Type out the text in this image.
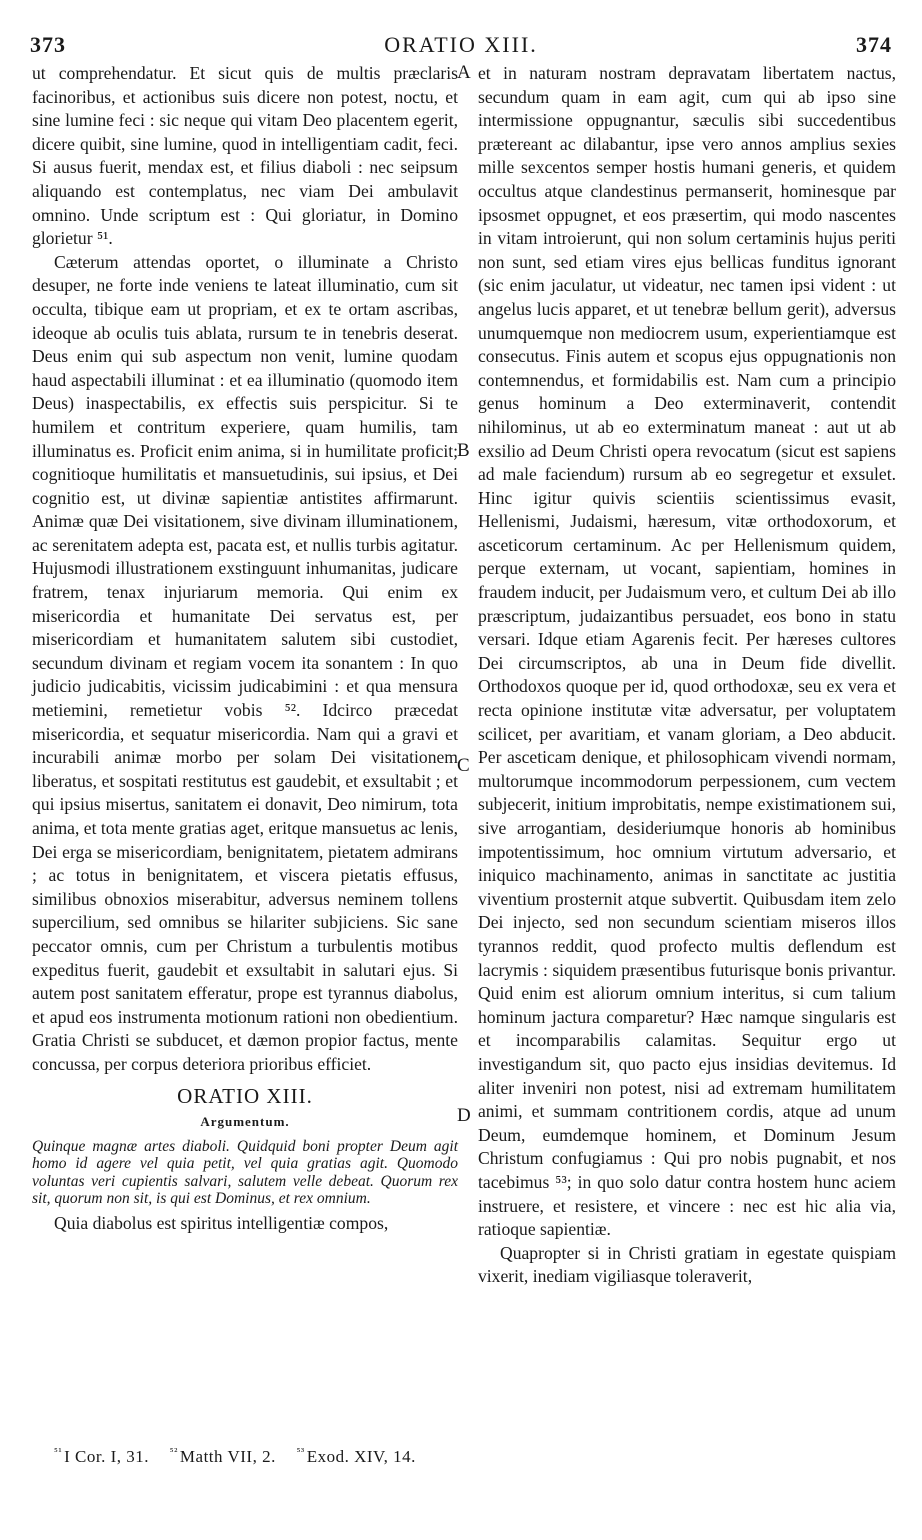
373	ORATIO XIII.	374
A
B
C
D

ut comprehendatur. Et sicut quis de multis præclaris facinoribus, et actionibus suis dicere non potest, noctu, et sine lumine feci : sic neque qui vitam Deo placentem egerit, dicere quibit, sine lumine, quod in intelligentiam cadit, feci. Si ausus fuerit, mendax est, et filius diaboli : nec seipsum aliquando est contemplatus, nec viam Dei ambulavit omnino. Unde scriptum est : Qui gloriatur, in Domino glorietur ⁵¹.

Cæterum attendas oportet, o illuminate a Christo desuper, ne forte inde veniens te lateat illuminatio, cum sit occulta, tibique eam ut propriam, et ex te ortam ascribas, ideoque ab oculis tuis ablata, rursum te in tenebris deserat. Deus enim qui sub aspectum non venit, lumine quodam haud aspectabili illuminat : et ea illuminatio (quomodo item Deus) inaspectabilis, ex effectis suis perspicitur. Si te humilem et contritum experiere, quam humilis, tam illuminatus es. Proficit enim anima, si in humilitate proficit; cognitioque humilitatis et mansuetudinis, sui ipsius, et Dei cognitio est, ut divinæ sapientiæ antistites affirmarunt. Animæ quæ Dei visitationem, sive divinam illuminationem, ac serenitatem adepta est, pacata est, et nullis turbis agitatur. Hujusmodi illustrationem exstinguunt inhumanitas, judicare fratrem, tenax injuriarum memoria. Qui enim ex misericordia et humanitate Dei servatus est, per misericordiam et humanitatem salutem sibi custodiet, secundum divinam et regiam vocem ita sonantem : In quo judicio judicabitis, vicissim judicabimini : et qua mensura metiemini, remetietur vobis ⁵². Idcirco præcedat misericordia, et sequatur misericordia. Nam qui a gravi et incurabili animæ morbo per solam Dei visitationem liberatus, et sospitati restitutus est gaudebit, et exsultabit ; et qui ipsius misertus, sanitatem ei donavit, Deo nimirum, tota anima, et tota mente gratias aget, eritque mansuetus ac lenis, Dei erga se misericordiam, benignitatem, pietatem admirans ; ac totus in benignitatem, et viscera pietatis effusus, similibus obnoxios miserabitur, adversus neminem tollens supercilium, sed omnibus se hilariter subjiciens. Sic sane peccator omnis, cum per Christum a turbulentis motibus expeditus fuerit, gaudebit et exsultabit in salutari ejus. Si autem post sanitatem efferatur, prope est tyrannus diabolus, et apud eos instrumenta motionum rationi non obedientium. Gratia Christi se subducet, et dæmon propior factus, mente concussa, per corpus deteriora prioribus efficiet.

ORATIO XIII.

Argumentum.

Quinque magnæ artes diaboli. Quidquid boni propter Deum agit homo id agere vel quia petit, vel quia gratias agit. Quomodo voluntas veri cupientis salvari, salutem velle debeat. Quorum rex sit, quorum non sit, is qui est Dominus, et rex omnium.

Quia diabolus est spiritus intelligentiæ compos,

et in naturam nostram depravatam libertatem nactus, secundum quam in eam agit, cum qui ab ipso sine intermissione oppugnantur, sæculis sibi succedentibus prætereant ac dilabantur, ipse vero annos amplius sexies mille sexcentos semper hostis humani generis, et quidem occultus atque clandestinus permanserit, hominesque par ipsosmet oppugnet, et eos præsertim, qui modo nascentes in vitam introierunt, qui non solum certaminis hujus periti non sunt, sed etiam vires ejus bellicas funditus ignorant (sic enim jaculatur, ut videatur, nec tamen ipsi vident : ut angelus lucis apparet, et ut tenebræ bellum gerit), adversus unumquemque non mediocrem usum, experientiamque est consecutus. Finis autem et scopus ejus oppugnationis non contemnendus, et formidabilis est. Nam cum a principio genus hominum a Deo exterminaverit, contendit nihilominus, ut ab eo exterminatum maneat : aut ut ab exsilio ad Deum Christi opera revocatum (sicut est sapiens ad male faciendum) rursum ab eo segregetur et exsulet. Hinc igitur quivis scientiis scientissimus evasit, Hellenismi, Judaismi, hæresum, vitæ orthodoxorum, et asceticorum certaminum. Ac per Hellenismum quidem, perque externam, ut vocant, sapientiam, homines in fraudem inducit, per Judaismum vero, et cultum Dei ab illo præscriptum, judaizantibus persuadet, eos bono in statu versari. Idque etiam Agarenis fecit. Per hæreses cultores Dei circumscriptos, ab una in Deum fide divellit. Orthodoxos quoque per id, quod orthodoxæ, seu ex vera et recta opinione institutæ vitæ adversatur, per voluptatem scilicet, per avaritiam, et vanam gloriam, a Deo abducit. Per asceticam denique, et philosophicam vivendi normam, multorumque incommodorum perpessionem, cum vectem subjecerit, initium improbitatis, nempe existimationem sui, sive arrogantiam, desideriumque honoris ab hominibus impotentissimum, hoc omnium virtutum adversario, et iniquico machinamento, animas in sanctitate ac justitia viventium prosternit atque subvertit. Quibusdam item zelo Dei injecto, sed non secundum scientiam miseros illos tyrannos reddit, quod profecto multis deflendum est lacrymis : siquidem præsentibus futurisque bonis privantur. Quid enim est aliorum omnium interitus, si cum talium hominum jactura comparetur? Hæc namque singularis est et incomparabilis calamitas. Sequitur ergo ut investigandum sit, quo pacto ejus insidias devitemus. Id aliter inveniri non potest, nisi ad extremam humilitatem animi, et summam contritionem cordis, atque ad unum Deum, eumdemque hominem, et Dominum Jesum Christum confugiamus : Qui pro nobis pugnabit, et nos tacebimus ⁵³; in quo solo datur contra hostem hunc aciem instruere, et resistere, et vincere : nec est hic alia via, ratioque sapientiæ.

Quapropter si in Christi gratiam in egestate quispiam vixerit, inediam vigiliasque toleraverit,

$^{^{51}}$ I Cor. I, 31. $^{^{52}}$ Matth VII, 2. $^{^{53}}$ Exod. XIV, 14.
